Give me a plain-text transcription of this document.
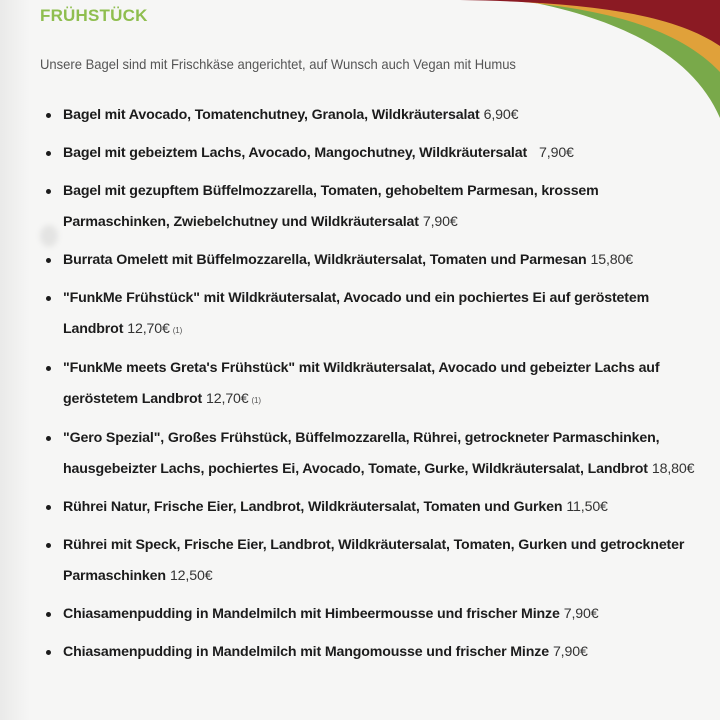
FRÜHSTÜCK

Unsere Bagel sind mit Frischkäse angerichtet, auf Wunsch auch Vegan mit Humus

Bagel mit Avocado, Tomatenchutney, Granola, Wildkräutersalat 6,90€
Bagel mit gebeiztem Lachs, Avocado, Mangochutney, Wildkräutersalat 7,90€
Bagel mit gezupftem Büffelmozzarella, Tomaten, gehobeltem Parmesan, krossem Parmaschinken, Zwiebelchutney und Wildkräutersalat 7,90€
Burrata Omelett mit Büffelmozzarella, Wildkräutersalat, Tomaten und Parmesan 15,80€
"FunkMe Frühstück" mit Wildkräutersalat, Avocado und ein pochiertes Ei auf geröstetem Landbrot 12,70€ (1)
"FunkMe meets Greta's Frühstück" mit Wildkräutersalat, Avocado und gebeizter Lachs auf geröstetem Landbrot 12,70€ (1)
"Gero Spezial", Großes Frühstück, Büffelmozzarella, Rührei, getrockneter Parmaschinken, hausgebeizter Lachs, pochiertes Ei, Avocado, Tomate, Gurke, Wildkräutersalat, Landbrot 18,80€
Rührei Natur, Frische Eier, Landbrot, Wildkräutersalat, Tomaten und Gurken 11,50€
Rührei mit Speck, Frische Eier, Landbrot, Wildkräutersalat, Tomaten, Gurken und getrockneter Parmaschinken 12,50€
Chiasamenpudding in Mandelmilch mit Himbeermousse und frischer Minze 7,90€
Chiasamenpudding in Mandelmilch mit Mangomousse und frischer Minze 7,90€
